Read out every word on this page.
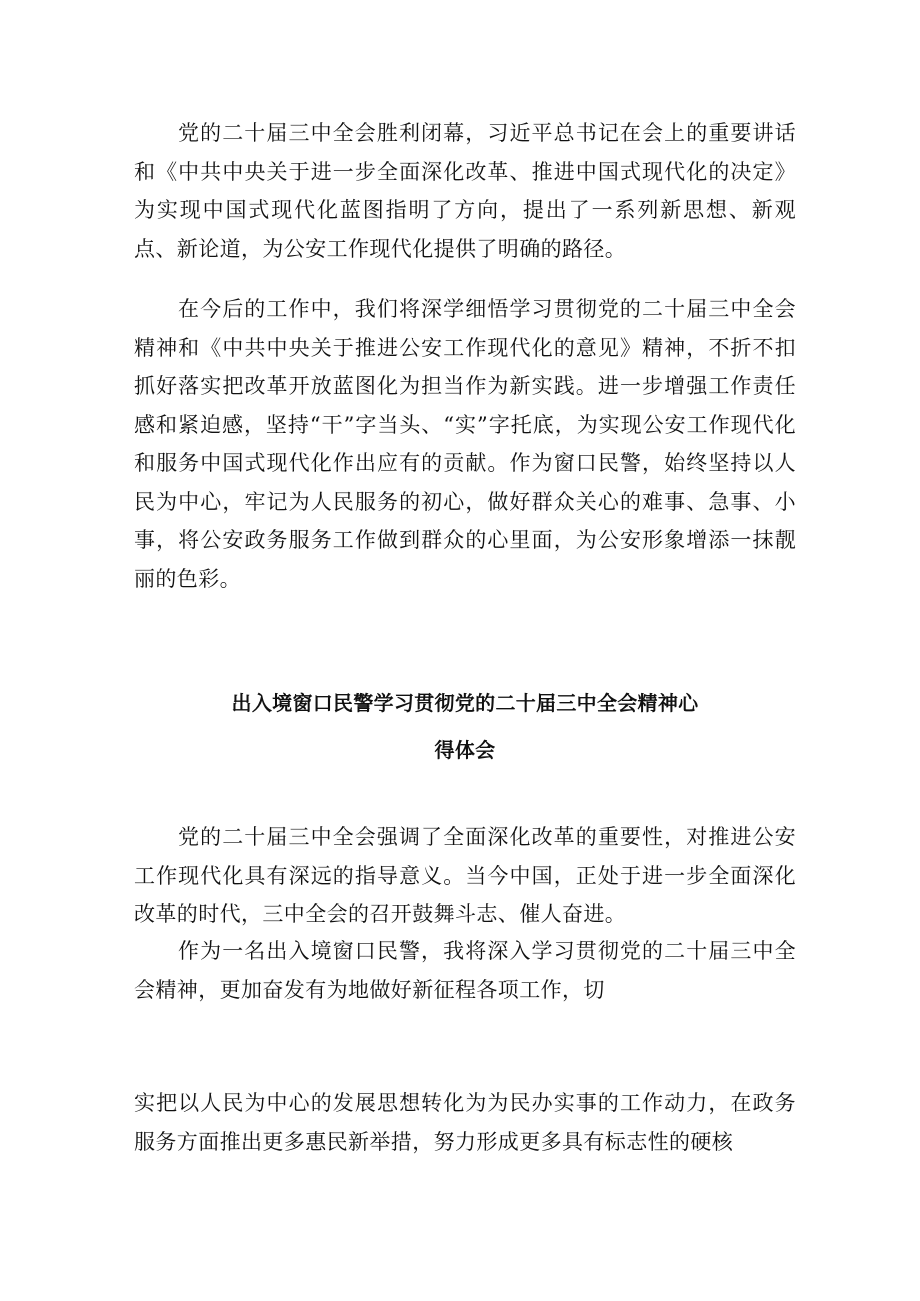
党的二十届三中全会胜利闭幕，习近平总书记在会上的重要讲话和《中共中央关于进一步全面深化改革、推进中国式现代化的决定》为实现中国式现代化蓝图指明了方向，提出了一系列新思想、新观点、新论道，为公安工作现代化提供了明确的路径。

在今后的工作中，我们将深学细悟学习贯彻党的二十届三中全会精神和《中共中央关于推进公安工作现代化的意见》精神，不折不扣抓好落实把改革开放蓝图化为担当作为新实践。进一步增强工作责任感和紧迫感，坚持“干”字当头、“实”字托底，为实现公安工作现代化和服务中国式现代化作出应有的贡献。作为窗口民警，始终坚持以人民为中心，牢记为人民服务的初心，做好群众关心的难事、急事、小事，将公安政务服务工作做到群众的心里面，为公安形象增添一抹靓丽的色彩。

出入境窗口民警学习贯彻党的二十届三中全会精神心
得体会

党的二十届三中全会强调了全面深化改革的重要性，对推进公安工作现代化具有深远的指导意义。当今中国，正处于进一步全面深化改革的时代，三中全会的召开鼓舞斗志、催人奋进。

作为一名出入境窗口民警，我将深入学习贯彻党的二十届三中全会精神，更加奋发有为地做好新征程各项工作，切

实把以人民为中心的发展思想转化为为民办实事的工作动力，在政务服务方面推出更多惠民新举措，努力形成更多具有标志性的硬核
